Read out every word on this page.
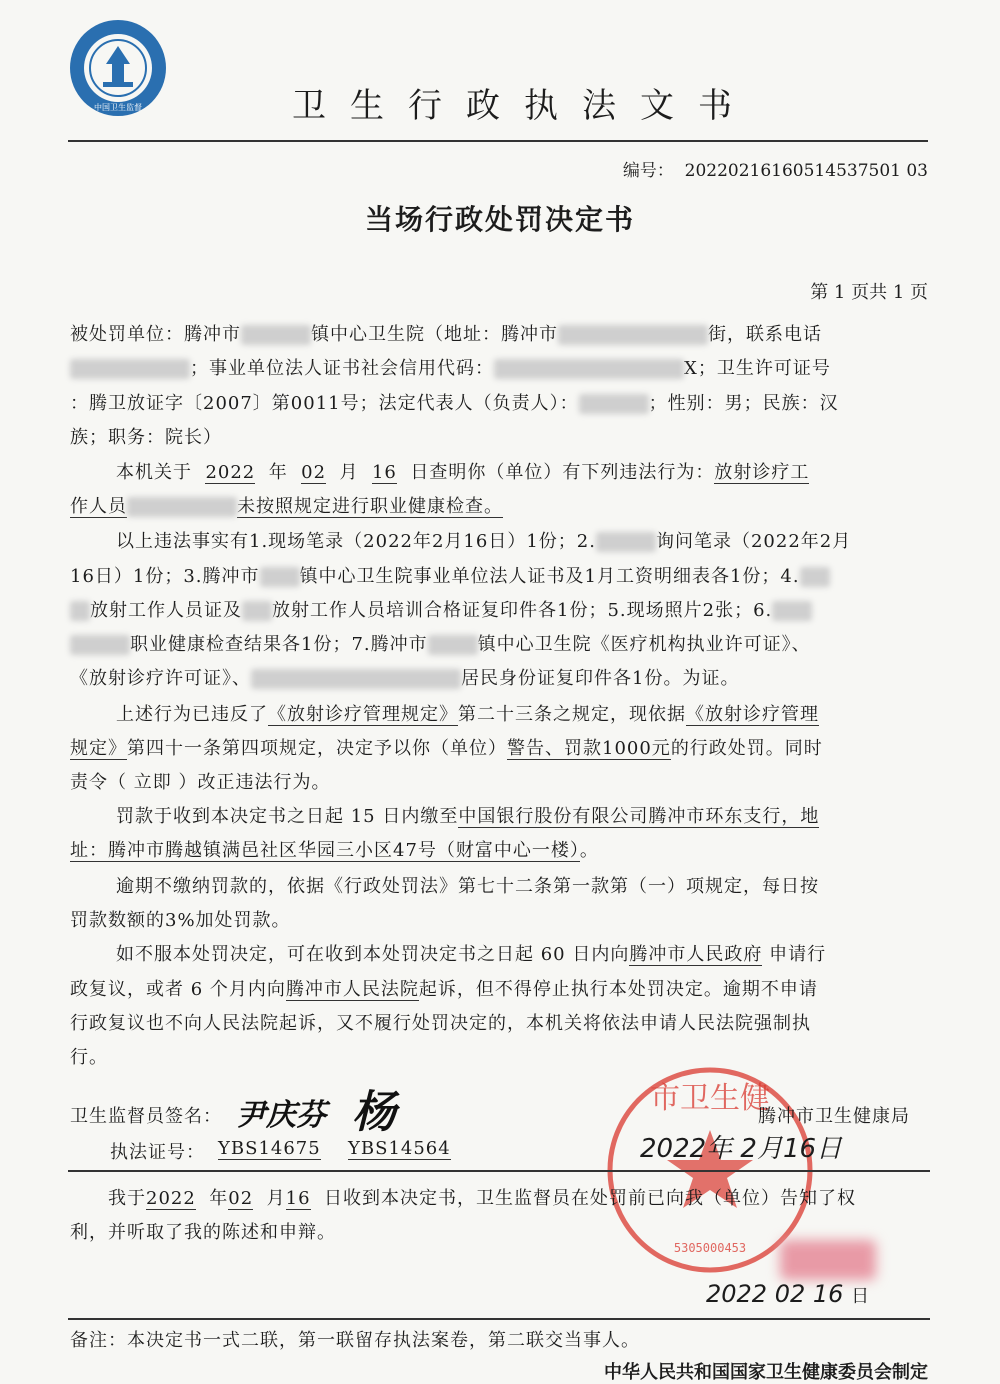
中国卫生监督	卫生行政执法文书
编号： 20220216160514537501 03
当场行政处罚决定书
第 1 页共 1 页
被处罚单位：腾冲市	镇中心卫生院（地址：腾冲市	街，联系电话
；事业单位法人证书社会信用代码：	X；卫生许可证号
：腾卫放证字〔2007〕第0011号；法定代表人（负责人）：	；性别：男；民族：汉
族；职务：院长）
本机关于 2022 年 02 月 16 日查明你（单位）有下列违法行为：放射诊疗工
作人员	未按照规定进行职业健康检查。
以上违法事实有1.现场笔录（2022年2月16日）1份；2.	询问笔录（2022年2月
16日）1份；3.腾冲市 镇中心卫生院事业单位法人证书及1月工资明细表各1份；4.
放射工作人员证及 放射工作人员培训合格证复印件各1份；5.现场照片2张；6.
职业健康检查结果各1份；7.腾冲市	镇中心卫生院《医疗机构执业许可证》、
《放射诊疗许可证》、	居民身份证复印件各1份。为证。
上述行为已违反了《放射诊疗管理规定》第二十三条之规定，现依据《放射诊疗管理
规定》第四十一条第四项规定，决定予以你（单位）警告、罚款1000元的行政处罚。同时
责令（ 立即 ）改正违法行为。
罚款于收到本决定书之日起 15 日内缴至中国银行股份有限公司腾冲市环东支行，地
址：腾冲市腾越镇满邑社区华园三小区47号（财富中心一楼）。
逾期不缴纳罚款的，依据《行政处罚法》第七十二条第一款第（一）项规定，每日按
罚款数额的3%加处罚款。
如不服本处罚决定，可在收到本处罚决定书之日起 60 日内向腾冲市人民政府 申请行
政复议，或者 6 个月内向腾冲市人民法院起诉，但不得停止执行本处罚决定。逾期不申请
行政复议也不向人民法院起诉，又不履行处罚决定的，本机关将依法申请人民法院强制执
行。
市卫生健
5305000453
卫生监督员签名： 尹庆芬 杨	腾冲市卫生健康局
执法证号： YBS14675 YBS14564	2022年 2月16日
我于2022 年02 月16 日收到本决定书，卫生监督员在处罚前已向我（单位）告知了权
利，并听取了我的陈述和申辩。
2022 02 16 日
备注：本决定书一式二联，第一联留存执法案卷，第二联交当事人。
中华人民共和国国家卫生健康委员会制定
